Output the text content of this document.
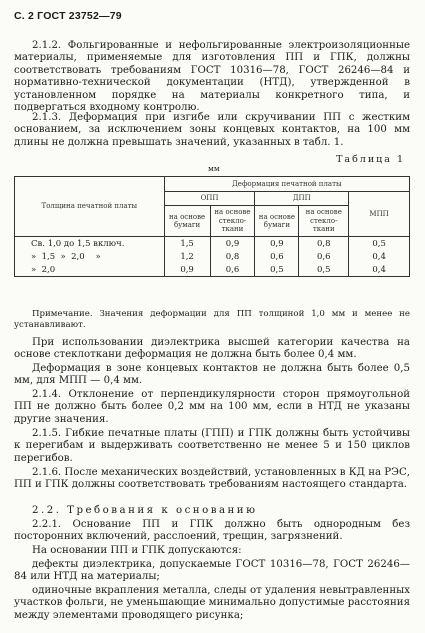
С. 2 ГОСТ 23752—79

2.1.2. Фольгированные и нефольгированные электроизоляционные материалы, применяемые для изготовления ПП и ГПК, должны соответствовать требованиям ГОСТ 10316—78, ГОСТ 26246—84 и нормативно-технической документации (НТД), утвержденной в установленном порядке на материалы конкретного типа, и подвергаться входному контролю.

2.1.3. Деформация при изгибе или скручивании ПП с жестким основанием, за исключением зоны концевых контактов, на 100 мм длины не должна превышать значений, указанных в табл. 1.

Таблица 1
мм
Толщина печатной платы	Деформация печатной платы				
	ОПП		ДПП		МПП
	на основе бумаги	на основе стекло-ткани	на основе бумаги	на основе стекло-ткани	
Св. 1,0 до 1,5 включ.	1,5	0,9	0,9	0,8	0,5
»  1,5  »  2,0    »	1,2	0,8	0,6	0,6	0,4
»  2,0	0,9	0,6	0,5	0,5	0,4

Примечание. Значения деформации для ПП толщиной 1,0 мм и менее не устанавливают.

При использовании диэлектрика высшей категории качества на основе стеклоткани деформация не должна быть более 0,4 мм.

Деформация в зоне концевых контактов не должна быть более 0,5 мм, для МПП — 0,4 мм.

2.1.4. Отклонение от перпендикулярности сторон прямоугольной ПП не должно быть более 0,2 мм на 100 мм, если в НТД не указаны другие значения.

2.1.5. Гибкие печатные платы (ГПП) и ГПК должны быть устойчивы к перегибам и выдерживать соответственно не менее 5 и 150 циклов перегибов.

2.1.6. После механических воздействий, установленных в КД на РЭС, ПП и ГПК должны соответствовать требованиям настоящего стандарта.

2.2. Требования к основанию

2.2.1. Основание ПП и ГПК должно быть однородным без посторонних включений, расслоений, трещин, загрязнений.

На основании ПП и ГПК допускаются:

дефекты диэлектрика, допускаемые ГОСТ 10316—78, ГОСТ 26246—84 или НТД на материалы;

одиночные вкрапления металла, следы от удаления невытравленных участков фольги, не уменьшающие минимально допустимые расстояния между элементами проводящего рисунка;
